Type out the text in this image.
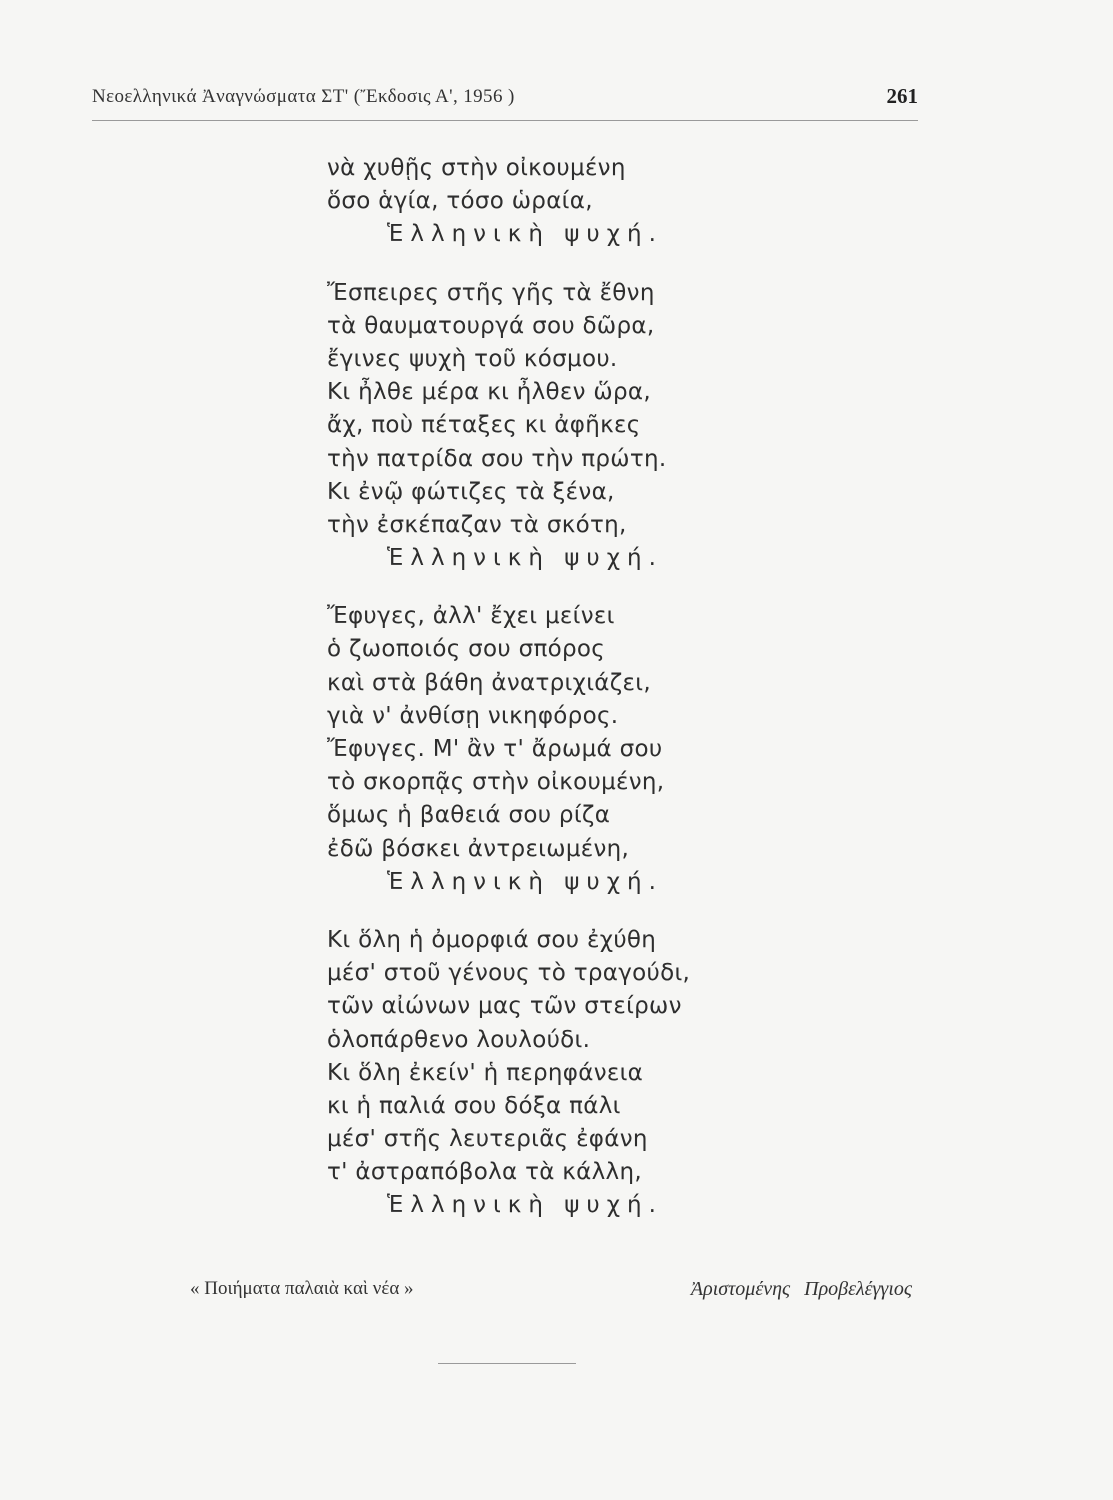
Νεοελληνικά Ἀναγνώσματα ΣΤ' (Ἔκδοσις Α', 1956 )	261
νὰ χυθῇς στὴν οἰκουμένη
ὅσο ἁγία, τόσο ὡραία,
Ἑλληνικὴ ψυχή.
Ἔσπειρες στῆς γῆς τὰ ἔθνη
τὰ θαυματουργά σου δῶρα,
ἔγινες ψυχὴ τοῦ κόσμου.
Κι ἦλθε μέρα κι ἦλθεν ὥρα,
ἄχ, ποὺ πέταξες κι ἀφῆκες
τὴν πατρίδα σου τὴν πρώτη.
Κι ἐνῷ φώτιζες τὰ ξένα,
τὴν ἐσκέπαζαν τὰ σκότη,
Ἑλληνικὴ ψυχή.
Ἔφυγες, ἀλλ' ἔχει μείνει
ὁ ζωοποιός σου σπόρος
καὶ στὰ βάθη ἀνατριχιάζει,
γιὰ ν' ἀνθίσῃ νικηφόρος.
Ἔφυγες. Μ' ἂν τ' ἄρωμά σου
τὸ σκορπᾷς στὴν οἰκουμένη,
ὅμως ἡ βαθειά σου ρίζα
ἐδῶ βόσκει ἀντρειωμένη,
Ἑλληνικὴ ψυχή.
Κι ὅλη ἡ ὀμορφιά σου ἐχύθη
μέσ' στοῦ γένους τὸ τραγούδι,
τῶν αἰώνων μας τῶν στείρων
ὁλοπάρθενο λουλούδι.
Κι ὅλη ἐκείν' ἡ περηφάνεια
κι ἡ παλιά σου δόξα πάλι
μέσ' στῆς λευτεριᾶς ἐφάνη
τ' ἀστραπόβολα τὰ κάλλη,
Ἑλληνικὴ ψυχή.
« Ποιήματα παλαιὰ καὶ νέα »	Ἀριστομένης Προβελέγγιος
